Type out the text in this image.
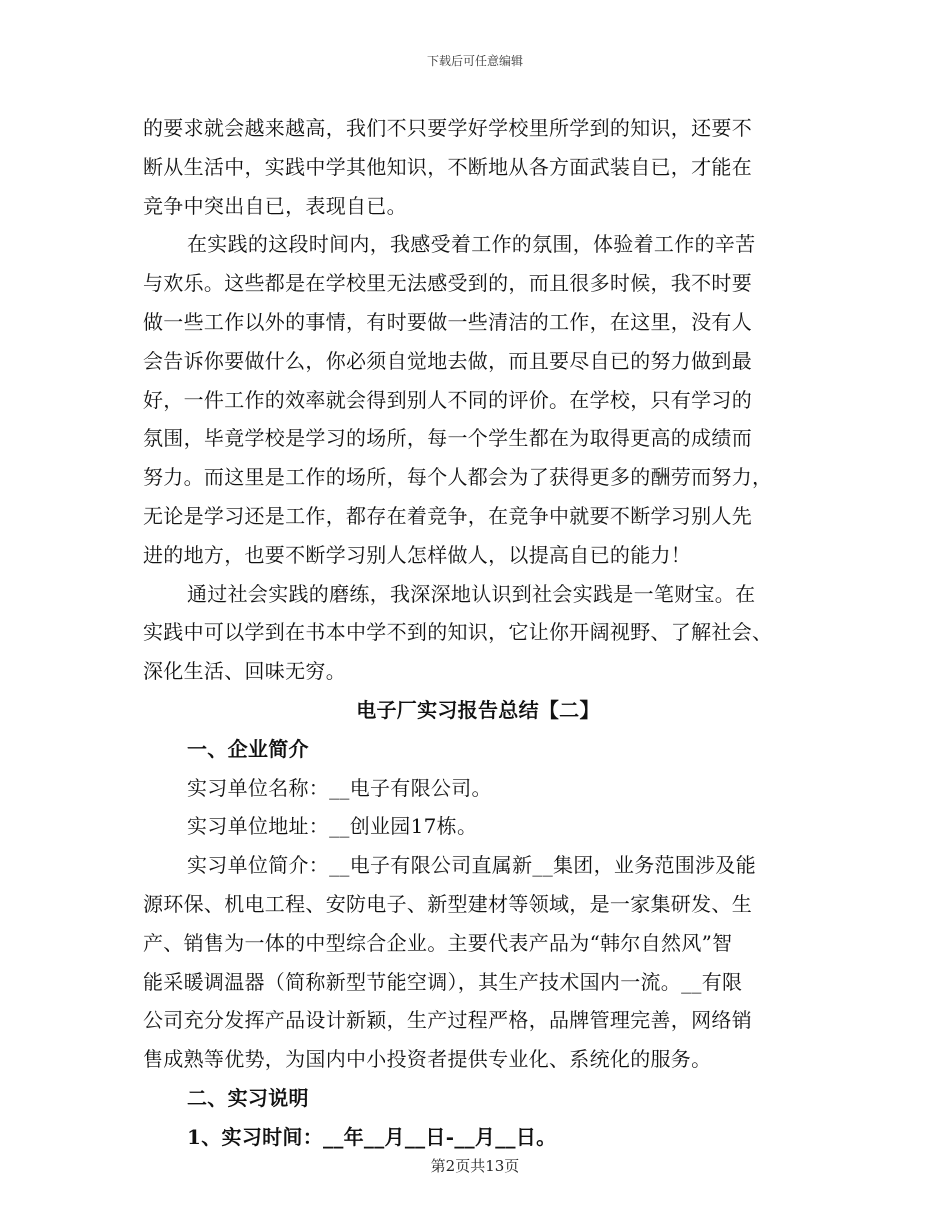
下载后可任意编辑
的要求就会越来越高，我们不只要学好学校里所学到的知识，还要不
断从生活中，实践中学其他知识，不断地从各方面武装自已，才能在
竞争中突出自已，表现自已。
在实践的这段时间内，我感受着工作的氛围，体验着工作的辛苦
与欢乐。这些都是在学校里无法感受到的，而且很多时候，我不时要
做一些工作以外的事情，有时要做一些清洁的工作，在这里，没有人
会告诉你要做什么，你必须自觉地去做，而且要尽自已的努力做到最
好，一件工作的效率就会得到别人不同的评价。在学校，只有学习的
氛围，毕竟学校是学习的场所，每一个学生都在为取得更高的成绩而
努力。而这里是工作的场所，每个人都会为了获得更多的酬劳而努力，
无论是学习还是工作，都存在着竞争，在竞争中就要不断学习别人先
进的地方，也要不断学习别人怎样做人，以提高自已的能力！
通过社会实践的磨练，我深深地认识到社会实践是一笔财宝。在
实践中可以学到在书本中学不到的知识，它让你开阔视野、了解社会、
深化生活、回味无穷。
电子厂实习报告总结【二】
一、企业简介
实习单位名称：__电子有限公司。
实习单位地址：__创业园17栋。
实习单位简介：__电子有限公司直属新__集团，业务范围涉及能
源环保、机电工程、安防电子、新型建材等领域，是一家集研发、生
产、销售为一体的中型综合企业。主要代表产品为“韩尔自然风”智
能采暖调温器（简称新型节能空调），其生产技术国内一流。__有限
公司充分发挥产品设计新颖，生产过程严格，品牌管理完善，网络销
售成熟等优势，为国内中小投资者提供专业化、系统化的服务。
二、实习说明
1、实习时间：__年__月__日-__月__日。
第2页共13页
